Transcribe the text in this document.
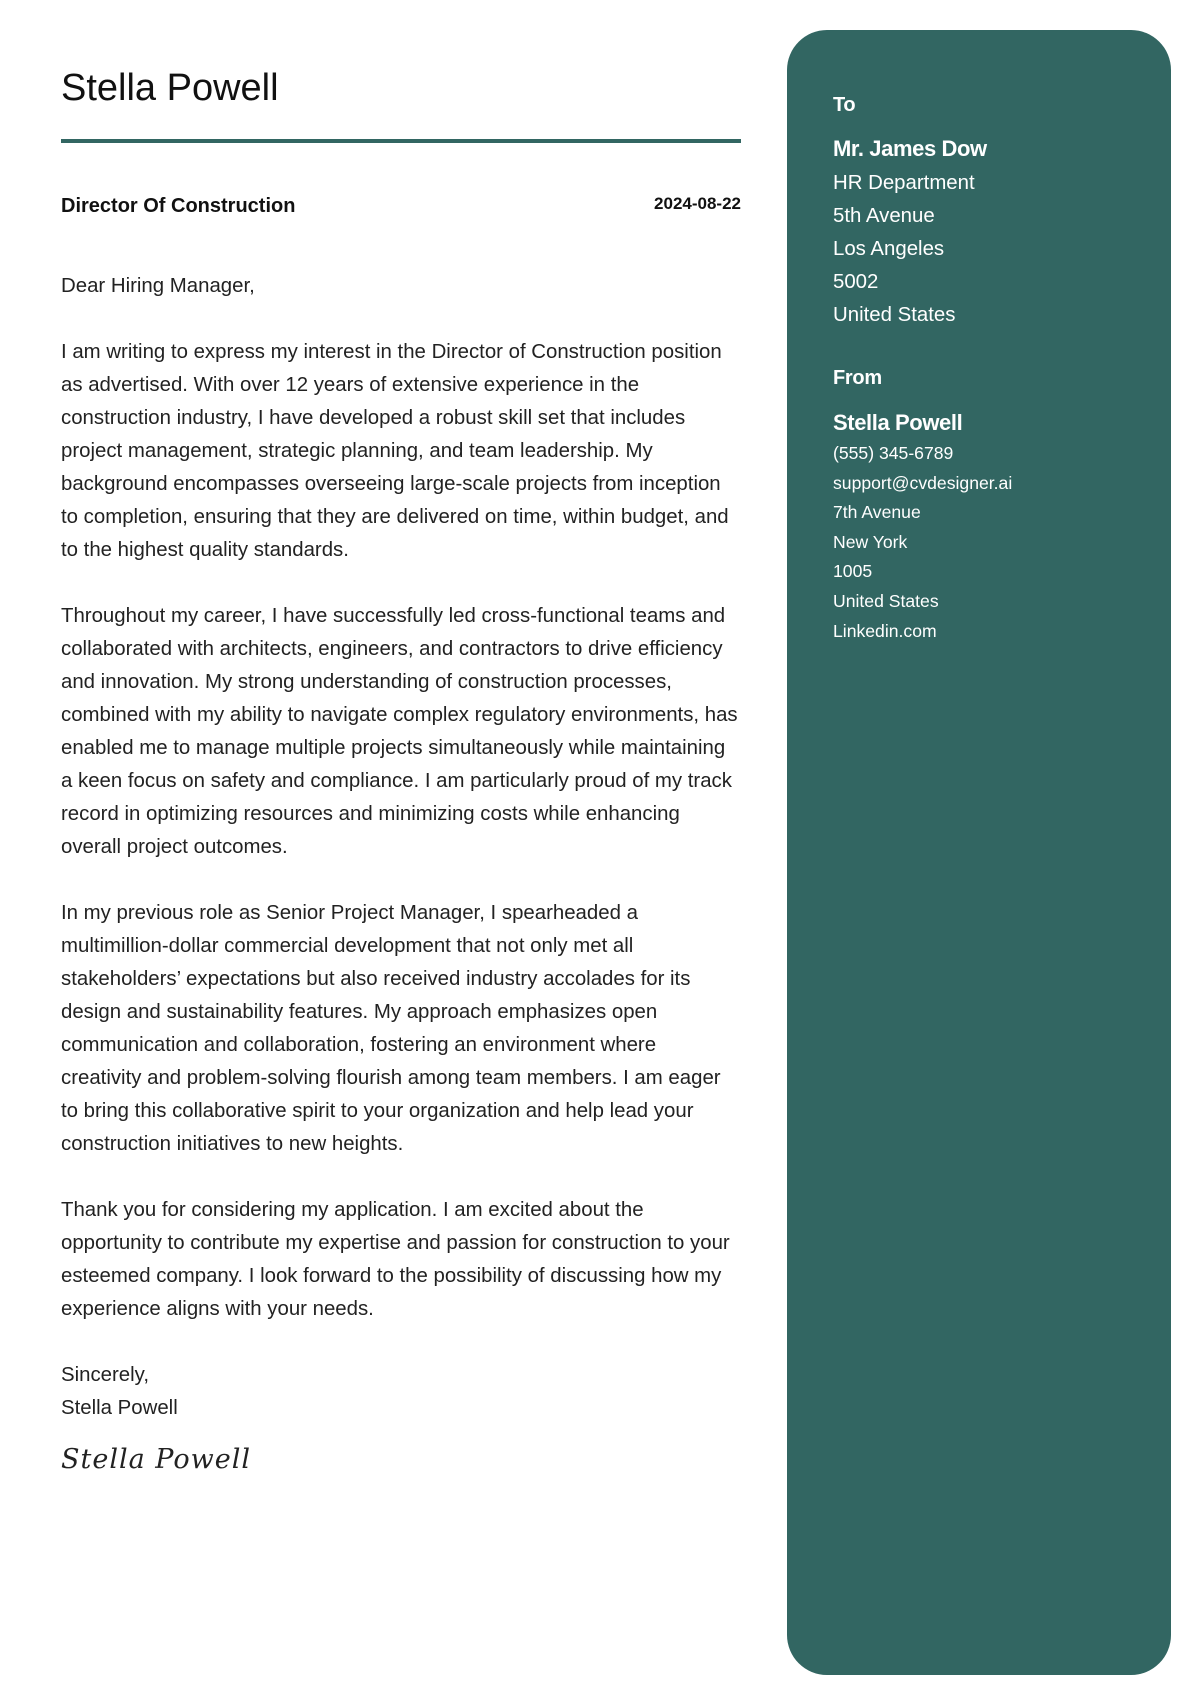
Stella Powell
Director Of Construction	2024-08-22

Dear Hiring Manager,

I am writing to express my interest in the Director of Construction position as advertised. With over 12 years of extensive experience in the construction industry, I have developed a robust skill set that includes project management, strategic planning, and team leadership. My background encompasses overseeing large-scale projects from inception to completion, ensuring that they are delivered on time, within budget, and to the highest quality standards.

Throughout my career, I have successfully led cross-functional teams and collaborated with architects, engineers, and contractors to drive efficiency and innovation. My strong understanding of construction processes, combined with my ability to navigate complex regulatory environments, has enabled me to manage multiple projects simultaneously while maintaining a keen focus on safety and compliance. I am particularly proud of my track record in optimizing resources and minimizing costs while enhancing overall project outcomes.

In my previous role as Senior Project Manager, I spearheaded a multimillion-dollar commercial development that not only met all stakeholders’ expectations but also received industry accolades for its design and sustainability features. My approach emphasizes open communication and collaboration, fostering an environment where creativity and problem-solving flourish among team members. I am eager to bring this collaborative spirit to your organization and help lead your construction initiatives to new heights.

Thank you for considering my application. I am excited about the opportunity to contribute my expertise and passion for construction to your esteemed company. I look forward to the possibility of discussing how my experience aligns with your needs.

Sincerely,
Stella Powell
Stella Powell
To
Mr. James Dow
HR Department
5th Avenue
Los Angeles
5002
United States
From
Stella Powell
(555) 345-6789
support@cvdesigner.ai
7th Avenue
New York
1005
United States
Linkedin.com
